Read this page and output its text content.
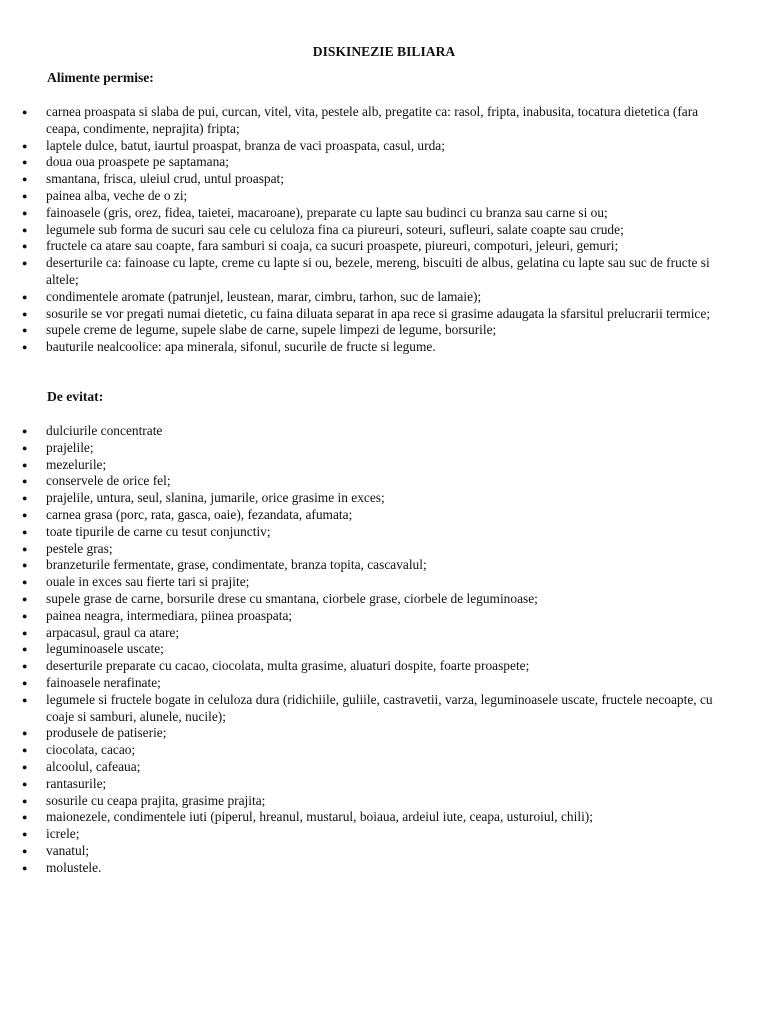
DISKINEZIE BILIARA
Alimente permise:
● carnea proaspata si slaba de pui, curcan, vitel, vita, pestele alb, pregatite ca: rasol, fripta, inabusita, tocatura dietetica (fara ceapa, condimente, neprajita) fripta;
● laptele dulce, batut, iaurtul proaspat, branza de vaci proaspata, casul, urda;
● doua oua proaspete pe saptamana;
● smantana, frisca, uleiul crud, untul proaspat;
● painea alba, veche de o zi;
● fainoasele (gris, orez, fidea, taietei, macaroane), preparate cu lapte sau budinci cu branza sau carne si ou;
● legumele sub forma de sucuri sau cele cu celuloza fina ca piureuri, soteuri, sufleuri, salate coapte sau crude;
● fructele ca atare sau coapte, fara samburi si coaja, ca sucuri proaspete, piureuri, compoturi, jeleuri, gemuri;
● deserturile ca: fainoase cu lapte, creme cu lapte si ou, bezele, mereng, biscuiti de albus, gelatina cu lapte sau suc de fructe si altele;
● condimentele aromate (patrunjel, leustean, marar, cimbru, tarhon, suc de lamaie);
● sosurile se vor pregati numai dietetic, cu faina diluata separat in apa rece si grasime adaugata la sfarsitul prelucrarii termice;
● supele creme de legume, supele slabe de carne, supele limpezi de legume, borsurile;
● bauturile nealcoolice: apa minerala, sifonul, sucurile de fructe si legume.
De evitat:
● dulciurile concentrate
● prajelile;
● mezelurile;
● conservele de orice fel;
● prajelile, untura, seul, slanina, jumarile, orice grasime in exces;
● carnea grasa (porc, rata, gasca, oaie), fezandata, afumata;
● toate tipurile de carne cu tesut conjunctiv;
● pestele gras;
● branzeturile fermentate, grase, condimentate, branza topita, cascavalul;
● ouale in exces sau fierte tari si prajite;
● supele grase de carne, borsurile drese cu smantana, ciorbele grase, ciorbele de leguminoase;
● painea neagra, intermediara, piinea proaspata;
● arpacasul, graul ca atare;
● leguminoasele uscate;
● deserturile preparate cu cacao, ciocolata, multa grasime, aluaturi dospite, foarte proaspete;
● fainoasele nerafinate;
● legumele si fructele bogate in celuloza dura (ridichiile, guliile, castravetii, varza, leguminoasele uscate, fructele necoapte, cu coaje si samburi, alunele, nucile);
● produsele de patiserie;
● ciocolata, cacao;
● alcoolul, cafeaua;
● rantasurile;
● sosurile cu ceapa prajita, grasime prajita;
● maionezele, condimentele iuti (piperul, hreanul, mustarul, boiaua, ardeiul iute, ceapa, usturoiul, chili);
● icrele;
● vanatul;
● molustele.
